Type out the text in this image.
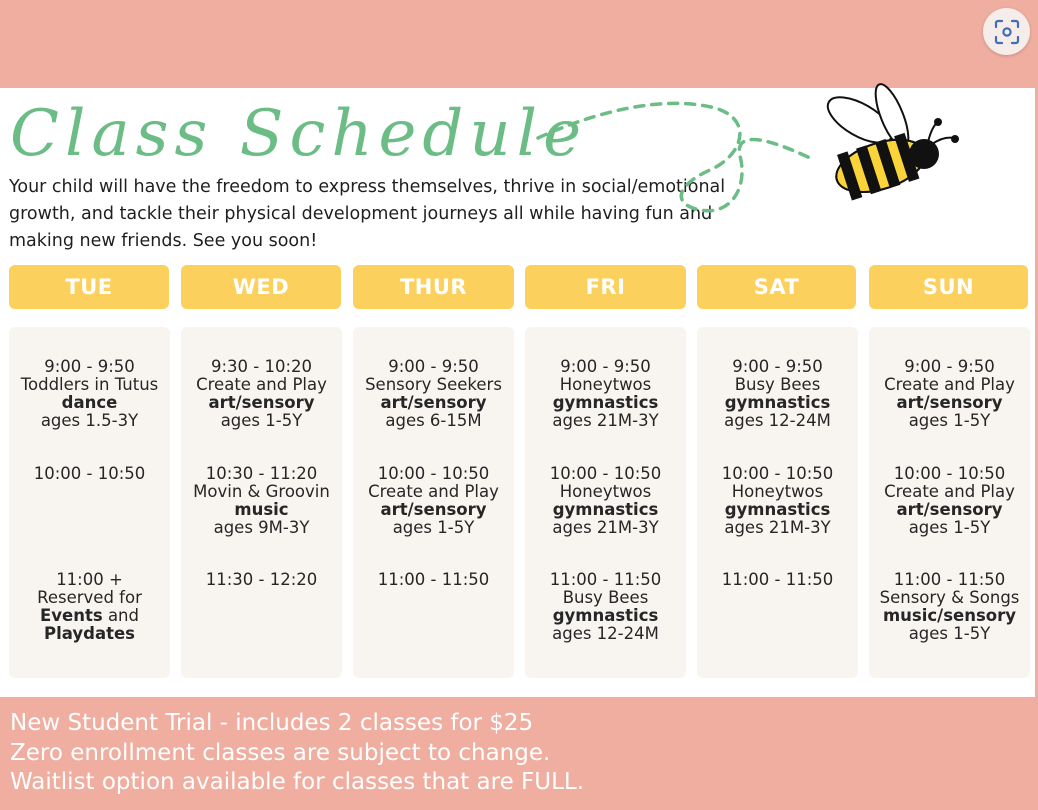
Class Schedule
Your child will have the freedom to express themselves, thrive in social/emotional growth, and tackle their physical development journeys all while having fun and making new friends. See you soon!
TUE
9:00 - 9:50
Toddlers in Tutus
dance
ages 1.5-3Y
10:00 - 10:50
11:00 +
Reserved for
Events and
Playdates
WED
9:30 - 10:20
Create and Play
art/sensory
ages 1-5Y
10:30 - 11:20
Movin & Groovin
music
ages 9M-3Y
11:30 - 12:20
THUR
9:00 - 9:50
Sensory Seekers
art/sensory
ages 6-15M
10:00 - 10:50
Create and Play
art/sensory
ages 1-5Y
11:00 - 11:50
FRI
9:00 - 9:50
Honeytwos
gymnastics
ages 21M-3Y
10:00 - 10:50
Honeytwos
gymnastics
ages 21M-3Y
11:00 - 11:50
Busy Bees
gymnastics
ages 12-24M
SAT
9:00 - 9:50
Busy Bees
gymnastics
ages 12-24M
10:00 - 10:50
Honeytwos
gymnastics
ages 21M-3Y
11:00 - 11:50
SUN
9:00 - 9:50
Create and Play
art/sensory
ages 1-5Y
10:00 - 10:50
Create and Play
art/sensory
ages 1-5Y
11:00 - 11:50
Sensory & Songs
music/sensory
ages 1-5Y
New Student Trial - includes 2 classes for $25
Zero enrollment classes are subject to change.
Waitlist option available for classes that are FULL.
